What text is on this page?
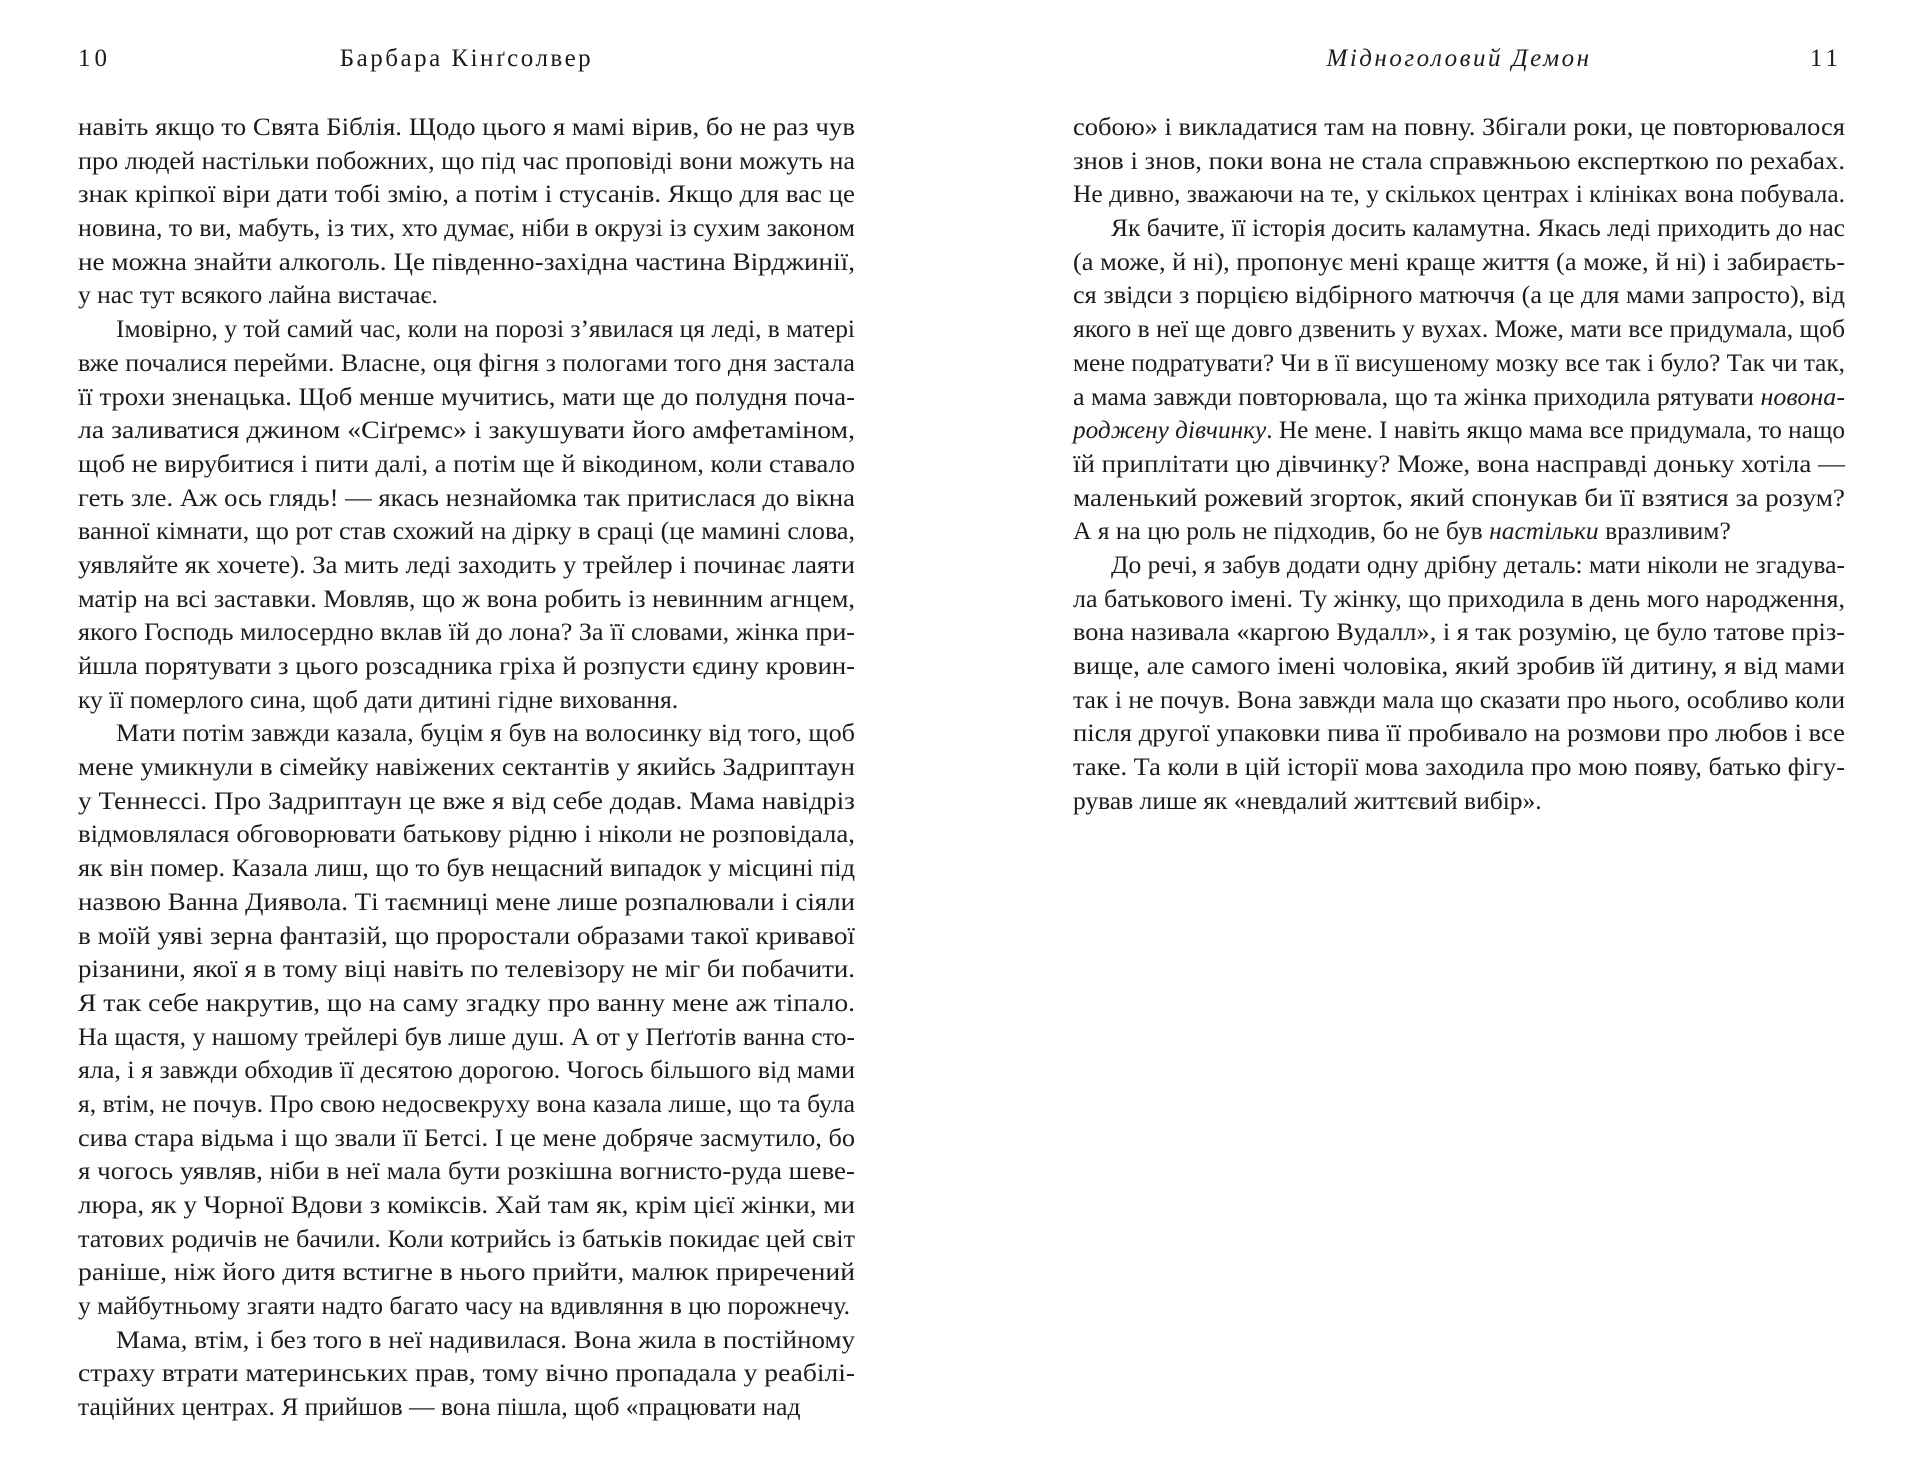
10	Барбара Кінґсолвер
навіть якщо то Свята Біблія. Щодо цього я мамі вірив, бо не раз чув
про людей настільки побожних, що під час проповіді вони можуть на
знак кріпкої віри дати тобі змію, а потім і стусанів. Якщо для вас це
новина, то ви, мабуть, із тих, хто думає, ніби в окрузі із сухим законом
не можна знайти алкоголь. Це південно-західна частина Вірджинії,
у нас тут всякого лайна вистачає.
Імовірно, у той самий час, коли на порозі з’явилася ця леді, в матері
вже почалися перейми. Власне, оця фігня з пологами того дня застала
її трохи зненацька. Щоб менше мучитись, мати ще до полудня поча-
ла заливатися джином «Сіґремс» і закушувати його амфетаміном,
щоб не вирубитися і пити далі, а потім ще й вікодином, коли ставало
геть зле. Аж ось глядь! — якась незнайомка так притислася до вікна
ванної кімнати, що рот став схожий на дірку в сраці (це мамині слова,
уявляйте як хочете). За мить леді заходить у трейлер і починає лаяти
матір на всі заставки. Мовляв, що ж вона робить із невинним агнцем,
якого Господь милосердно вклав їй до лона? За її словами, жінка при-
йшла порятувати з цього розсадника гріха й розпусти єдину кровин-
ку її померлого сина, щоб дати дитині гідне виховання.
Мати потім завжди казала, буцім я був на волосинку від того, щоб
мене умикнули в сімейку навіжених сектантів у якийсь Задриптаун
у Теннессі. Про Задриптаун це вже я від себе додав. Мама навідріз
відмовлялася обговорювати батькову рідню і ніколи не розповідала,
як він помер. Казала лиш, що то був нещасний випадок у місцині під
назвою Ванна Диявола. Ті таємниці мене лише розпалювали і сіяли
в моїй уяві зерна фантазій, що проростали образами такої кривавої
різанини, якої я в тому віці навіть по телевізору не міг би побачити.
Я так себе накрутив, що на саму згадку про ванну мене аж тіпало.
На щастя, у нашому трейлері був лише душ. А от у Пеґґотів ванна сто-
яла, і я завжди обходив її десятою дорогою. Чогось більшого від мами
я, втім, не почув. Про свою недосвекруху вона казала лише, що та була
сива стара відьма і що звали її Бетсі. І це мене добряче засмутило, бо
я чогось уявляв, ніби в неї мала бути розкішна вогнисто-руда шеве-
люра, як у Чорної Вдови з коміксів. Хай там як, крім цієї жінки, ми
татових родичів не бачили. Коли котрийсь із батьків покидає цей світ
раніше, ніж його дитя встигне в нього прийти, малюк приречений
у майбутньому згаяти надто багато часу на вдивляння в цю порожнечу.
Мама, втім, і без того в неї надивилася. Вона жила в постійному
страху втрати материнських прав, тому вічно пропадала у реабілі-
таційних центрах. Я прийшов — вона пішла, щоб «працювати над
Мідноголовий Демон	11
собою» і викладатися там на повну. Збігали роки, це повторювалося
знов і знов, поки вона не стала справжньою експерткою по рехабах.
Не дивно, зважаючи на те, у скількох центрах і клініках вона побувала.
Як бачите, її історія досить каламутна. Якась леді приходить до нас
(а може, й ні), пропонує мені краще життя (а може, й ні) і забираєть-
ся звідси з порцією відбірного матюччя (а це для мами запросто), від
якого в неї ще довго дзвенить у вухах. Може, мати все придумала, щоб
мене подратувати? Чи в її висушеному мозку все так і було? Так чи так,
а мама завжди повторювала, що та жінка приходила рятувати новона-
роджену дівчинку. Не мене. І навіть якщо мама все придумала, то нащо
їй приплітати цю дівчинку? Може, вона насправді доньку хотіла —
маленький рожевий згорток, який спонукав би її взятися за розум?
А я на цю роль не підходив, бо не був настільки вразливим?
До речі, я забув додати одну дрібну деталь: мати ніколи не згадува-
ла батькового імені. Ту жінку, що приходила в день мого народження,
вона називала «каргою Вудалл», і я так розумію, це було татове пріз-
вище, але самого імені чоловіка, який зробив їй дитину, я від мами
так і не почув. Вона завжди мала що сказати про нього, особливо коли
після другої упаковки пива її пробивало на розмови про любов і все
таке. Та коли в цій історії мова заходила про мою появу, батько фігу-
рував лише як «невдалий життєвий вибір».
